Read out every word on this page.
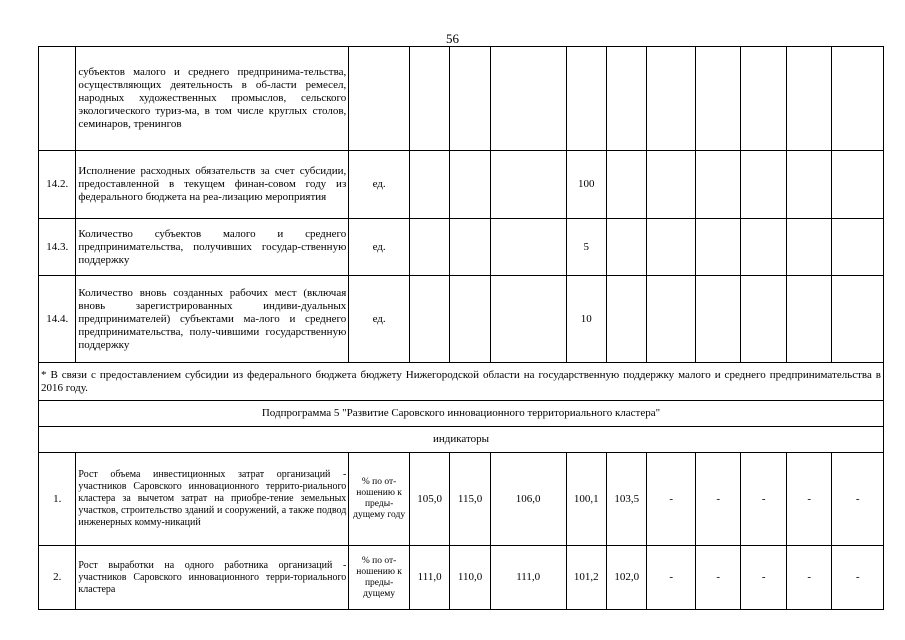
56
	субъектов малого и среднего предпринима-тельства, осуществляющих деятельность в об-ласти ремесел, народных художественных промыслов, сельского экологического туриз-ма, в том числе круглых столов, семинаров, тренингов											
14.2.	Исполнение расходных обязательств за счет субсидии, предоставленной в текущем финан-совом году из федерального бюджета на реа-лизацию мероприятия	ед.				100						
14.3.	Количество субъектов малого и среднего предпринимательства, получивших государ-ственную поддержку	ед.				5						
14.4.	Количество вновь созданных рабочих мест (включая вновь зарегистрированных индиви-дуальных предпринимателей) субъектами ма-лого и среднего предпринимательства, полу-чившими государственную поддержку	ед.				10						
* В связи с предоставлением субсидии из федерального бюджета бюджету Нижегородской области на государственную поддержку малого и среднего предпринимательства в 2016 году.												
Подпрограмма 5 "Развитие Саровского инновационного территориального кластера"												
индикаторы												
1.	Рост объема инвестиционных затрат организаций - участников Саровского инновационного террито-риального кластера за вычетом затрат на приобре-тение земельных участков, строительство зданий и сооружений, а также подвод инженерных комму-никаций	% по от-ношению к преды-дущему году	105,0	115,0	106,0	100,1	103,5	-	-	-	-	-
2.	Рост выработки на одного работника организаций - участников Саровского инновационного терри-ториального кластера	% по от-ношению к преды-дущему	111,0	110,0	111,0	101,2	102,0	-	-	-	-	-
